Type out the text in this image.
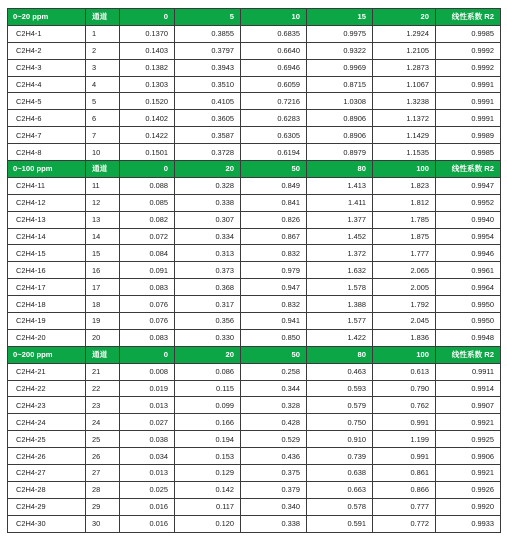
0~20 ppm	通道	0	5	10	15	20	线性系数 R2
C2H4-1	1	0.1370	0.3855	0.6835	0.9975	1.2924	0.9985
C2H4-2	2	0.1403	0.3797	0.6640	0.9322	1.2105	0.9992
C2H4-3	3	0.1382	0.3943	0.6946	0.9969	1.2873	0.9992
C2H4-4	4	0.1303	0.3510	0.6059	0.8715	1.1067	0.9991
C2H4-5	5	0.1520	0.4105	0.7216	1.0308	1.3238	0.9991
C2H4-6	6	0.1402	0.3605	0.6283	0.8906	1.1372	0.9991
C2H4-7	7	0.1422	0.3587	0.6305	0.8906	1.1429	0.9989
C2H4-8	10	0.1501	0.3728	0.6194	0.8979	1.1535	0.9985
0~100 ppm	通道	0	20	50	80	100	线性系数 R2
C2H4-11	11	0.088	0.328	0.849	1.413	1.823	0.9947
C2H4-12	12	0.085	0.338	0.841	1.411	1.812	0.9952
C2H4-13	13	0.082	0.307	0.826	1.377	1.785	0.9940
C2H4-14	14	0.072	0.334	0.867	1.452	1.875	0.9954
C2H4-15	15	0.084	0.313	0.832	1.372	1.777	0.9946
C2H4-16	16	0.091	0.373	0.979	1.632	2.065	0.9961
C2H4-17	17	0.083	0.368	0.947	1.578	2.005	0.9964
C2H4-18	18	0.076	0.317	0.832	1.388	1.792	0.9950
C2H4-19	19	0.076	0.356	0.941	1.577	2.045	0.9950
C2H4-20	20	0.083	0.330	0.850	1.422	1.836	0.9948
0~200 ppm	通道	0	20	50	80	100	线性系数 R2
C2H4-21	21	0.008	0.086	0.258	0.463	0.613	0.9911
C2H4-22	22	0.019	0.115	0.344	0.593	0.790	0.9914
C2H4-23	23	0.013	0.099	0.328	0.579	0.762	0.9907
C2H4-24	24	0.027	0.166	0.428	0.750	0.991	0.9921
C2H4-25	25	0.038	0.194	0.529	0.910	1.199	0.9925
C2H4-26	26	0.034	0.153	0.436	0.739	0.991	0.9906
C2H4-27	27	0.013	0.129	0.375	0.638	0.861	0.9921
C2H4-28	28	0.025	0.142	0.379	0.663	0.866	0.9926
C2H4-29	29	0.016	0.117	0.340	0.578	0.777	0.9920
C2H4-30	30	0.016	0.120	0.338	0.591	0.772	0.9933
